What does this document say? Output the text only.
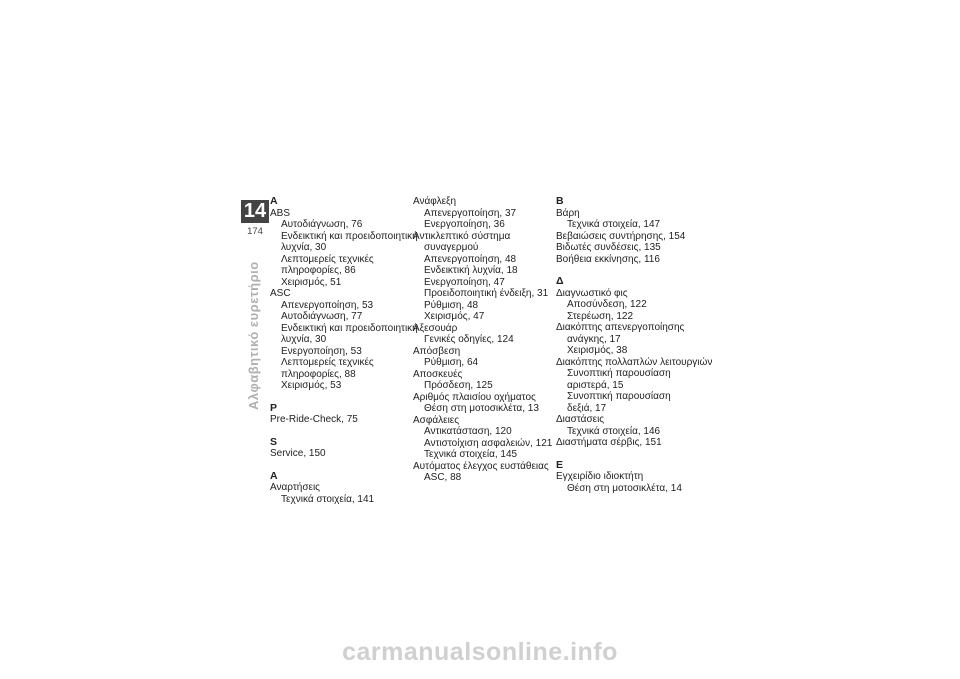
14
174
Αλφαβητικό ευρετήριο
A
ABS
Αυτοδιάγνωση, 76
Ενδεικτική και προειδοποιητική λυχνία, 30
Λεπτομερείς τεχνικές πληροφορίες, 86
Χειρισμός, 51
ASC
Απενεργοποίηση, 53
Αυτοδιάγνωση, 77
Ενδεικτική και προειδοποιητική λυχνία, 30
Ενεργοποίηση, 53
Λεπτομερείς τεχνικές πληροφορίες, 88
Χειρισμός, 53
P
Pre-Ride-Check, 75
S
Service, 150
Α
Αναρτήσεις
Τεχνικά στοιχεία, 141
Ανάφλεξη
Απενεργοποίηση, 37
Ενεργοποίηση, 36
Αντικλεπτικό σύστημα
συναγερμού
Απενεργοποίηση, 48
Ενδεικτική λυχνία, 18
Ενεργοποίηση, 47
Προειδοποιητική ένδειξη, 31
Ρύθμιση, 48
Χειρισμός, 47
Αξεσουάρ
Γενικές οδηγίες, 124
Απόσβεση
Ρύθμιση, 64
Αποσκευές
Πρόσδεση, 125
Αριθμός πλαισίου οχήματος
Θέση στη μοτοσικλέτα, 13
Ασφάλειες
Αντικατάσταση, 120
Αντιστοίχιση ασφαλειών, 121
Τεχνικά στοιχεία, 145
Αυτόματος έλεγχος ευστάθειας
ASC, 88
Β
Βάρη
Τεχνικά στοιχεία, 147
Βεβαιώσεις συντήρησης, 154
Βιδωτές συνδέσεις, 135
Βοήθεια εκκίνησης, 116
Δ
Διαγνωστικό φις
Αποσύνδεση, 122
Στερέωση, 122
Διακόπτης απενεργοποίησης
ανάγκης, 17
Χειρισμός, 38
Διακόπτης πολλαπλών λειτουργιών
Συνοπτική παρουσίαση
αριστερά, 15
Συνοπτική παρουσίαση
δεξιά, 17
Διαστάσεις
Τεχνικά στοιχεία, 146
Διαστήματα σέρβις, 151
Ε
Εγχειρίδιο ιδιοκτήτη
Θέση στη μοτοσικλέτα, 14
carmanualsonline.info
